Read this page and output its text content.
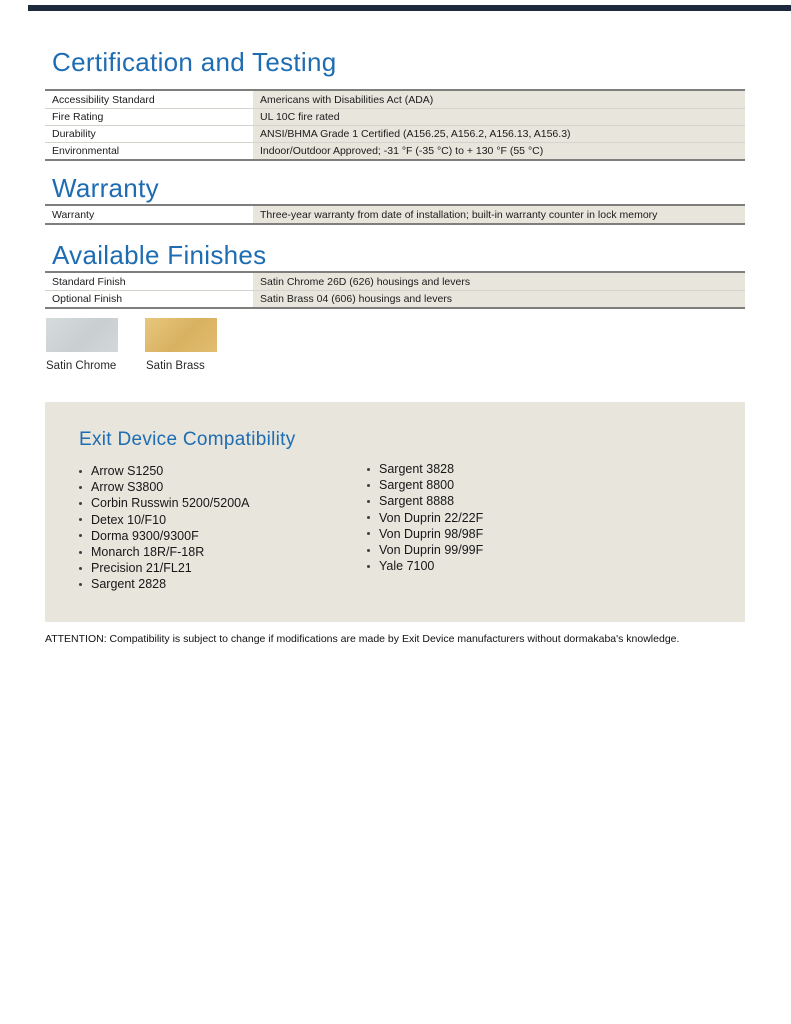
Certification and Testing
Accessibility Standard	Americans with Disabilities Act (ADA)
Fire Rating	UL 10C fire rated
Durability	ANSI/BHMA Grade 1 Certified (A156.25, A156.2, A156.13, A156.3)
Environmental	Indoor/Outdoor Approved; -31 °F (-35 °C) to + 130 °F (55 °C)
Warranty
Warranty	Three-year warranty from date of installation; built-in warranty counter in lock memory
Available Finishes
Standard Finish	Satin Chrome 26D (626) housings and levers
Optional Finish	Satin Brass 04 (606) housings and levers
Satin Chrome	Satin Brass
Exit Device Compatibility
Arrow S1250
Arrow S3800
Corbin Russwin 5200/5200A
Detex 10/F10
Dorma 9300/9300F
Monarch 18R/F-18R
Precision 21/FL21
Sargent 2828
Sargent 3828
Sargent 8800
Sargent 8888
Von Duprin 22/22F
Von Duprin 98/98F
Von Duprin 99/99F
Yale 7100
ATTENTION: Compatibility is subject to change if modifications are made by Exit Device manufacturers without dormakaba's knowledge.
